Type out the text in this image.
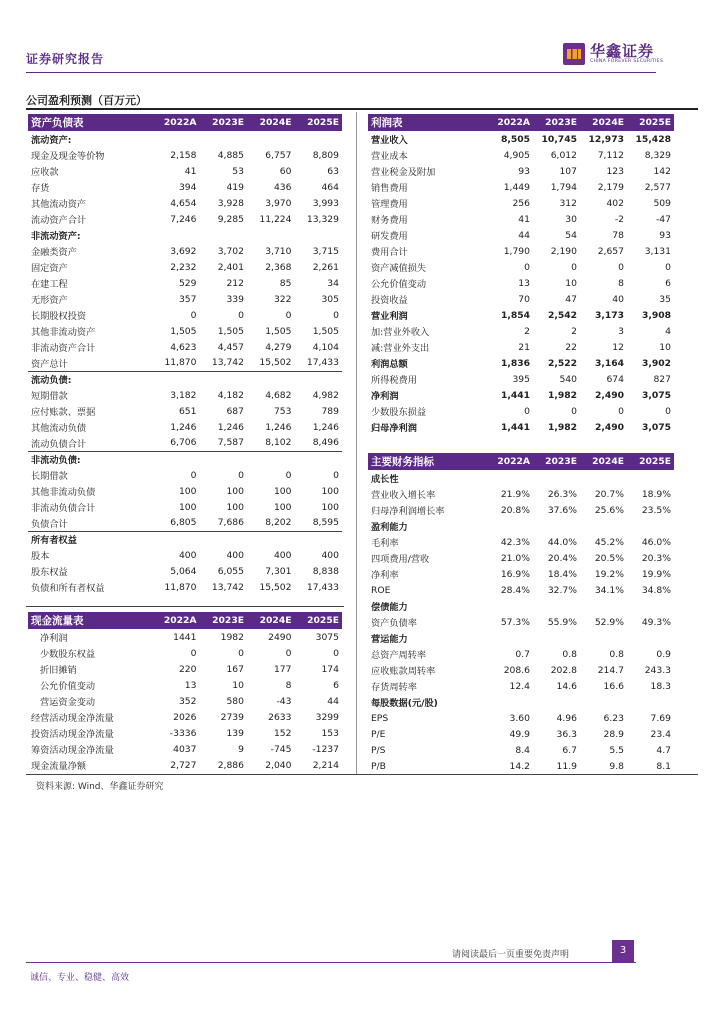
证券研究报告	华鑫证券
CHINA FOREVER SECURITIES
公司盈利预测（百万元）
资产负债表	2022A	2023E	2024E	2025E
流动资产:				
现金及现金等价物	2,158	4,885	6,757	8,809
应收款	41	53	60	63
存货	394	419	436	464
其他流动资产	4,654	3,928	3,970	3,993
流动资产合计	7,246	9,285	11,224	13,329
非流动资产:				
金融类资产	3,692	3,702	3,710	3,715
固定资产	2,232	2,401	2,368	2,261
在建工程	529	212	85	34
无形资产	357	339	322	305
长期股权投资	0	0	0	0
其他非流动资产	1,505	1,505	1,505	1,505
非流动资产合计	4,623	4,457	4,279	4,104
资产总计	11,870	13,742	15,502	17,433
流动负债:				
短期借款	3,182	4,182	4,682	4,982
应付账款、票据	651	687	753	789
其他流动负债	1,246	1,246	1,246	1,246
流动负债合计	6,706	7,587	8,102	8,496
非流动负债:				
长期借款	0	0	0	0
其他非流动负债	100	100	100	100
非流动负债合计	100	100	100	100
负债合计	6,805	7,686	8,202	8,595
所有者权益				
股本	400	400	400	400
股东权益	5,064	6,055	7,301	8,838
负债和所有者权益	11,870	13,742	15,502	17,433
利润表	2022A	2023E	2024E	2025E
营业收入	8,505	10,745	12,973	15,428
营业成本	4,905	6,012	7,112	8,329
营业税金及附加	93	107	123	142
销售费用	1,449	1,794	2,179	2,577
管理费用	256	312	402	509
财务费用	41	30	-2	-47
研发费用	44	54	78	93
费用合计	1,790	2,190	2,657	3,131
资产减值损失	0	0	0	0
公允价值变动	13	10	8	6
投资收益	70	47	40	35
营业利润	1,854	2,542	3,173	3,908
加:营业外收入	2	2	3	4
减:营业外支出	21	22	12	10
利润总额	1,836	2,522	3,164	3,902
所得税费用	395	540	674	827
净利润	1,441	1,982	2,490	3,075
少数股东损益	0	0	0	0
归母净利润	1,441	1,982	2,490	3,075
主要财务指标	2022A	2023E	2024E	2025E
成长性				
营业收入增长率	21.9%	26.3%	20.7%	18.9%
归母净利润增长率	20.8%	37.6%	25.6%	23.5%
盈利能力				
毛利率	42.3%	44.0%	45.2%	46.0%
四项费用/营收	21.0%	20.4%	20.5%	20.3%
净利率	16.9%	18.4%	19.2%	19.9%
ROE	28.4%	32.7%	34.1%	34.8%
偿债能力				
资产负债率	57.3%	55.9%	52.9%	49.3%
营运能力				
总资产周转率	0.7	0.8	0.8	0.9
应收账款周转率	208.6	202.8	214.7	243.3
存货周转率	12.4	14.6	16.6	18.3
每股数据(元/股)				
EPS	3.60	4.96	6.23	7.69
P/E	49.9	36.3	28.9	23.4
P/S	8.4	6.7	5.5	4.7
P/B	14.2	11.9	9.8	8.1
现金流量表	2022A	2023E	2024E	2025E
净利润	1441	1982	2490	3075
少数股东权益	0	0	0	0
折旧摊销	220	167	177	174
公允价值变动	13	10	8	6
营运资金变动	352	580	-43	44
经营活动现金净流量	2026	2739	2633	3299
投资活动现金净流量	-3336	139	152	153
筹资活动现金净流量	4037	9	-745	-1237
现金流量净额	2,727	2,886	2,040	2,214
资料来源: Wind、华鑫证券研究
请阅读最后一页重要免责声明	3
诚信、专业、稳健、高效
